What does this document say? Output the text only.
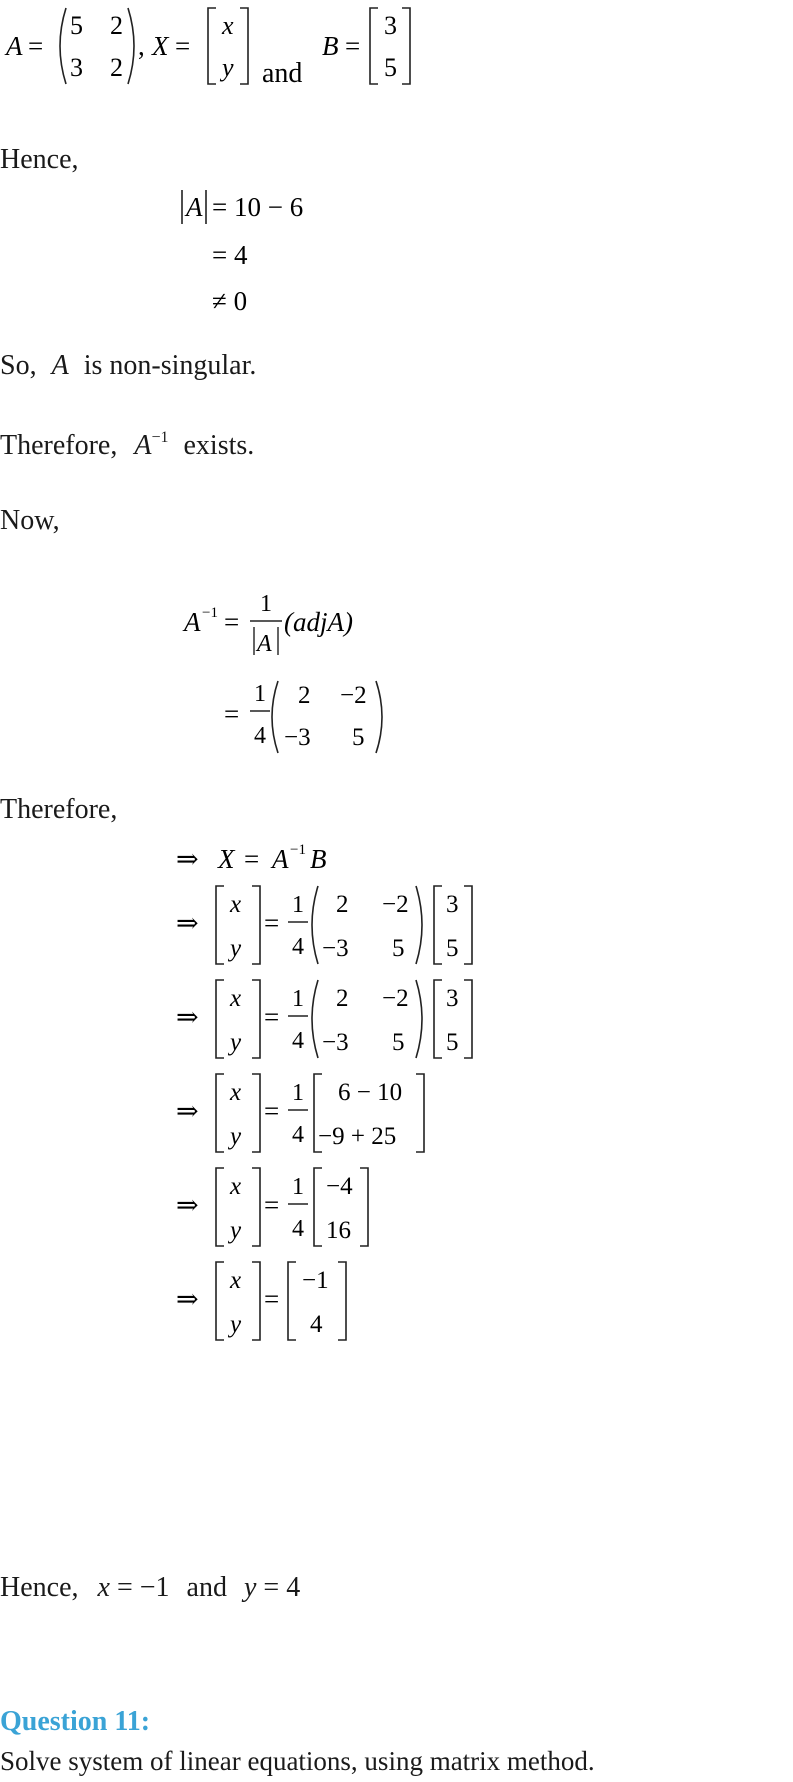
A =
5 2
3 2
, X =
x
y and
B =
3
5
Hence,
A = 10 − 6
= 4
≠ 0
So, A is non-singular.
Therefore, $A^{-1}$ exists.
Now,
A −1 =
1
A
(adjA)
=
1
4
2 −2
−3 5
Therefore,
⇒ X = A −1 B
⇒
x
y
=
1
4
2 −2
−3 5
3
5
⇒
x
y
=
1
4
2 −2
−3 5
3
5
⇒
x
y
=
1
4
6 − 10
−9 + 25
⇒
x
y
=
1
4
−4
16
⇒
x
y
=
−1
4
Hence, x = −1 and y = 4
Question 11:
Solve system of linear equations, using matrix method.
